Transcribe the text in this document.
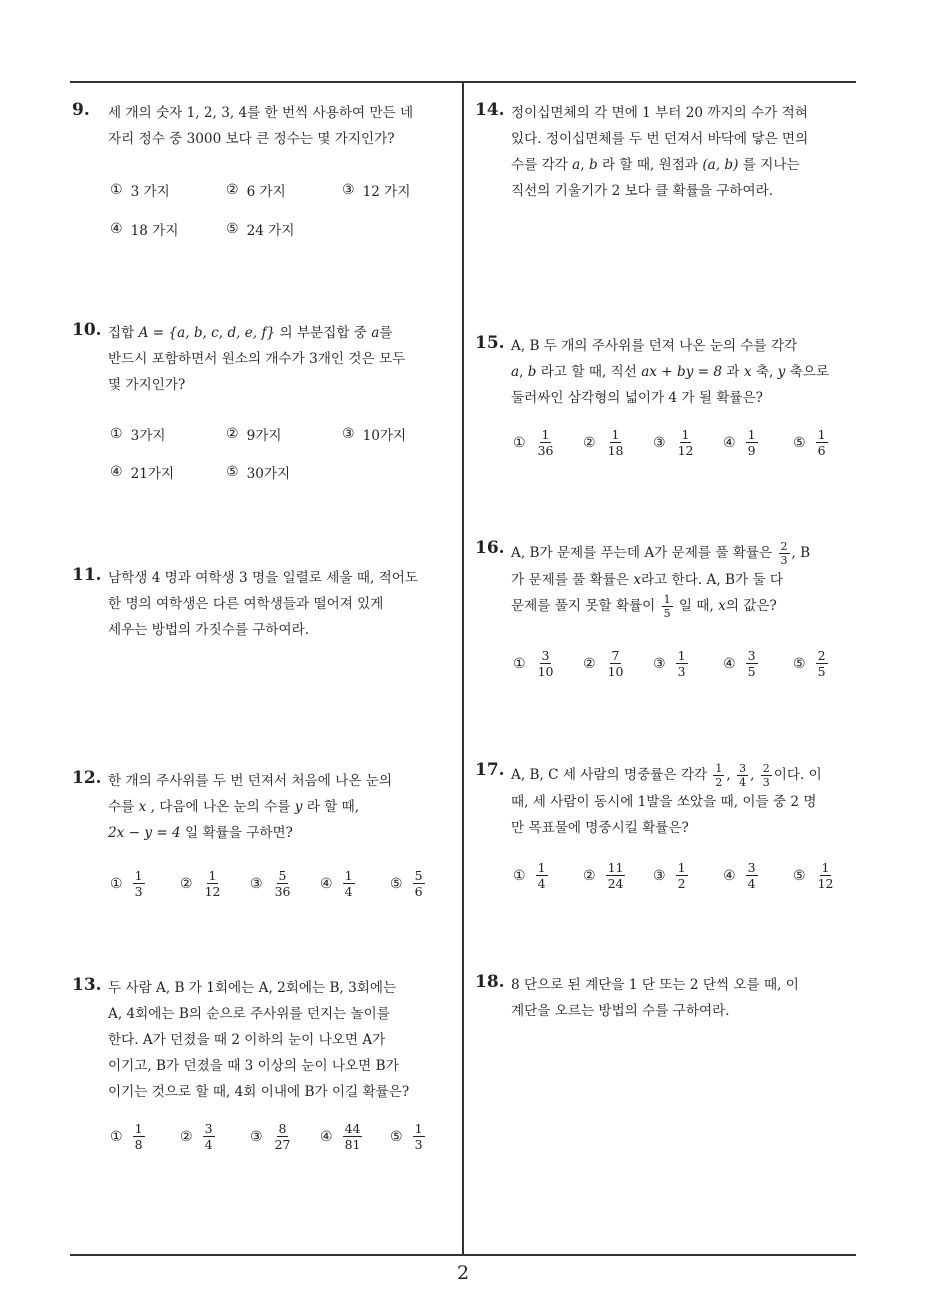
9. 세 개의 숫자 1, 2, 3, 4를 한 번씩 사용하여 만든 네
자리 정수 중 3000 보다 큰 정수는 몇 가지인가?
① 3 가지	② 6 가지	③ 12 가지
④ 18 가지	⑤ 24 가지
10. 집합 A = {a, b, c, d, e, f} 의 부분집합 중 a를
반드시 포함하면서 원소의 개수가 3개인 것은 모두
몇 가지인가?
① 3가지	② 9가지	③ 10가지
④ 21가지	⑤ 30가지
11. 남학생 4 명과 여학생 3 명을 일렬로 세울 때, 적어도
한 명의 여학생은 다른 여학생들과 떨어져 있게
세우는 방법의 가짓수를 구하여라.
12. 한 개의 주사위를 두 번 던져서 처음에 나온 눈의
수를 x , 다음에 나온 눈의 수를 y 라 할 때,
2x − y = 4 일 확률을 구하면?
① $\frac{1}{3}$	② $\frac{1}{12}$ ③ $\frac{5}{36}$ ④ $\frac{1}{4}$	⑤ $\frac{5}{6}$
13. 두 사람 A, B 가 1회에는 A, 2회에는 B, 3회에는
A, 4회에는 B의 순으로 주사위를 던지는 놀이를
한다. A가 던졌을 때 2 이하의 눈이 나오면 A가
이기고, B가 던졌을 때 3 이상의 눈이 나오면 B가
이기는 것으로 할 때, 4회 이내에 B가 이길 확률은?
① $\frac{1}{8}$	② $\frac{3}{4}$	③ $\frac{8}{27}$ ④ $\frac{44}{81}$ ⑤ $\frac{1}{3}$
14. 정이십면체의 각 면에 1 부터 20 까지의 수가 적혀
있다. 정이십면체를 두 번 던져서 바닥에 닿은 면의
수를 각각 a, b 라 할 때, 원점과 (a, b) 를 지나는
직선의 기울기가 2 보다 클 확률을 구하여라.
15. A, B 두 개의 주사위를 던져 나온 눈의 수를 각각
a, b 라고 할 때, 직선 ax + by = 8 과 x 축, y 축으로
둘러싸인 삼각형의 넓이가 4 가 될 확률은?
① $\frac{1}{36}$ ② $\frac{1}{18}$ ③ $\frac{1}{12}$ ④ $\frac{1}{9}$	⑤ $\frac{1}{6}$
16. A, B가 문제를 푸는데 A가 문제를 풀 확률은 $\frac{2}{3}$ , B
가 문제를 풀 확률은 x라고 한다. A, B가 둘 다
문제를 풀지 못할 확률이 $\frac{1}{5}$ 일 때, x의 값은?
① $\frac{3}{10}$ ② $\frac{7}{10}$ ③ $\frac{1}{3}$	④ $\frac{3}{5}$	⑤ $\frac{2}{5}$
17. A, B, C 세 사람의 명중률은 각각 $\frac{1}{2}$ , $\frac{3}{4}$ , $\frac{2}{3}$ 이다. 이
때, 세 사람이 동시에 1발을 쏘았을 때, 이들 중 2 명
만 목표물에 명중시킬 확률은?
① $\frac{1}{4}$	② $\frac{11}{24}$ ③ $\frac{1}{2}$	④ $\frac{3}{4}$	⑤ $\frac{1}{12}$
18. 8 단으로 된 계단을 1 단 또는 2 단씩 오를 때, 이
계단을 오르는 방법의 수를 구하여라.
2
